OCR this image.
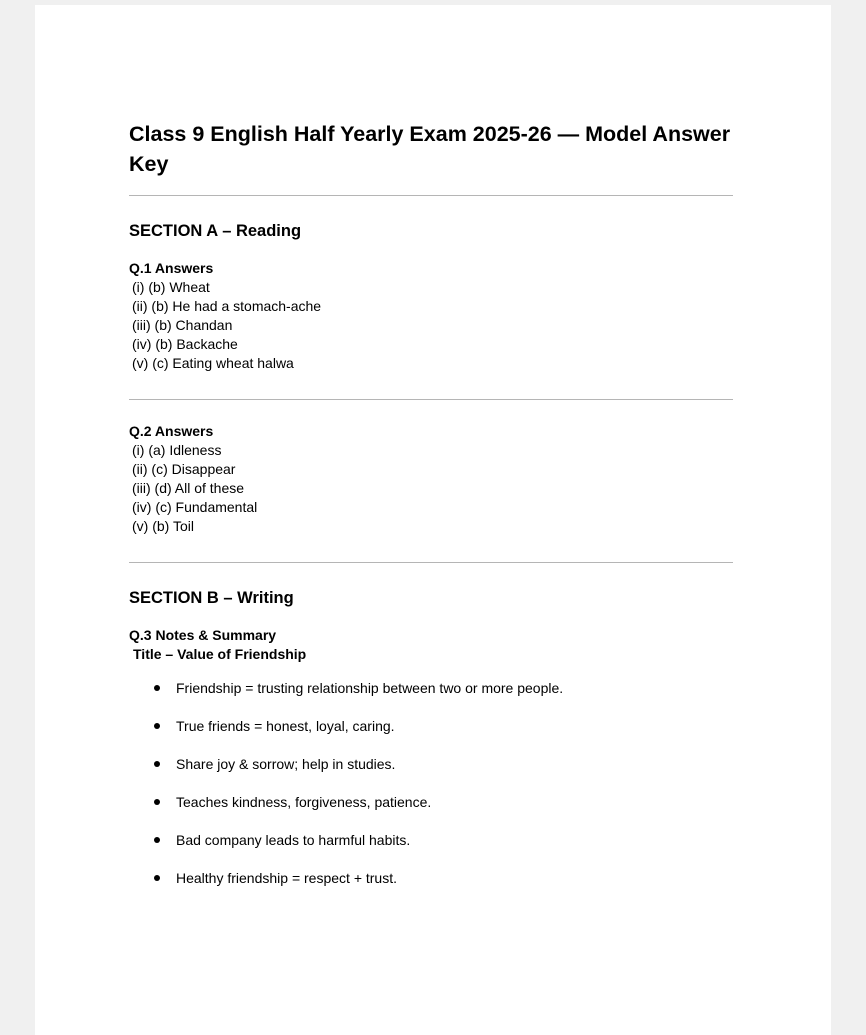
Class 9 English Half Yearly Exam 2025-26 — Model Answer Key
SECTION A – Reading

Q.1 Answers

(i) (b) Wheat
(ii) (b) He had a stomach-ache
(iii) (b) Chandan
(iv) (b) Backache
(v) (c) Eating wheat halwa

Q.2 Answers

(i) (a) Idleness
(ii) (c) Disappear
(iii) (d) All of these
(iv) (c) Fundamental
(v) (b) Toil
SECTION B – Writing

Q.3 Notes & Summary

Title – Value of Friendship

Friendship = trusting relationship between two or more people.
True friends = honest, loyal, caring.
Share joy & sorrow; help in studies.
Teaches kindness, forgiveness, patience.
Bad company leads to harmful habits.
Healthy friendship = respect + trust.
